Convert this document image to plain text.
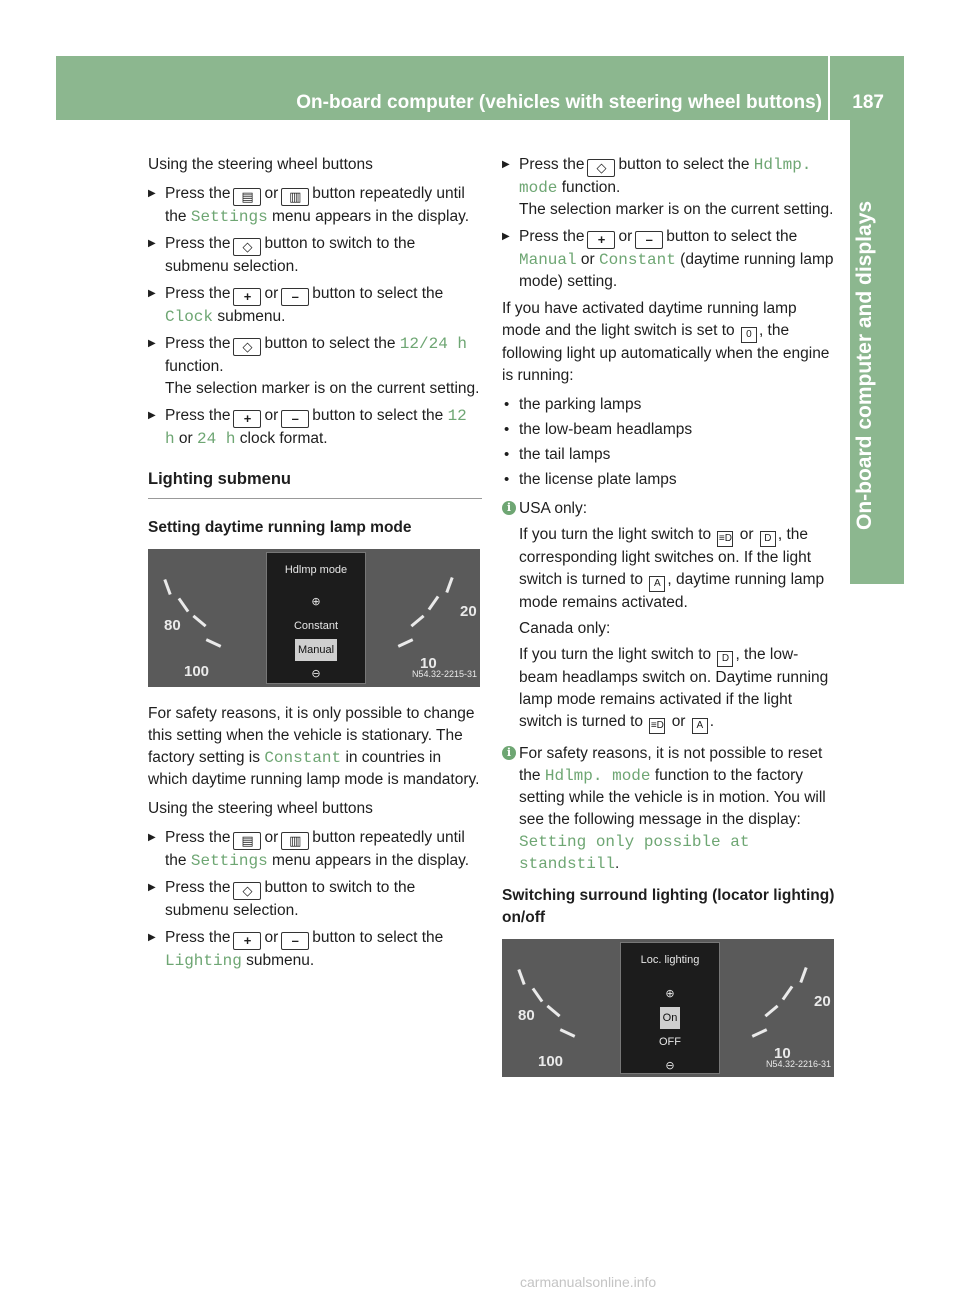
On-board computer (vehicles with steering wheel buttons) 187
On-board computer and displays

Using the steering wheel buttons

▶ Press the ▤ or ▥ button repeatedly until the Settings menu appears in the display.

▶ Press the ◇ button to switch to the submenu selection.

▶ Press the + or – button to select the Clock submenu.

▶ Press the ◇ button to select the 12/24 h function.
The selection marker is on the current setting.

▶ Press the + or – button to select the 12 h or 24 h clock format.

Lighting submenu
Setting daytime running lamp mode
80
100
20
10
Hdlmp mode
⊕
Constant
Manual
⊖	N54.32-2215-31

For safety reasons, it is only possible to change this setting when the vehicle is stationary. The factory setting is Constant in countries in which daytime running lamp mode is mandatory.

Using the steering wheel buttons

▶ Press the ▤ or ▥ button repeatedly until the Settings menu appears in the display.

▶ Press the ◇ button to switch to the submenu selection.

▶ Press the + or – button to select the Lighting submenu.

▶ Press the ◇ button to select the Hdlmp. mode function.
The selection marker is on the current setting.

▶ Press the + or – button to select the Manual or Constant (daytime running lamp mode) setting.

If you have activated daytime running lamp mode and the light switch is set to 0 , the following light up automatically when the engine is running:

• the parking lamps

• the low-beam headlamps

• the tail lamps

• the license plate lamps

i USA only:
If you turn the light switch to ≡D or D , the corresponding light switches on. If the light switch is turned to A , daytime running lamp mode remains activated.
Canada only:
If you turn the light switch to D , the low-beam headlamps switch on. Daytime running lamp mode remains activated if the light switch is turned to ≡D or A .
i For safety reasons, it is not possible to reset the Hdlmp. mode function to the factory setting while the vehicle is in motion. You will see the following message in the display: Setting only possible at standstill.
Switching surround lighting (locator lighting) on/off
80
100
20
10
Loc. lighting
⊕
On
OFF
⊖	N54.32-2216-31
carmanualsonline.info
